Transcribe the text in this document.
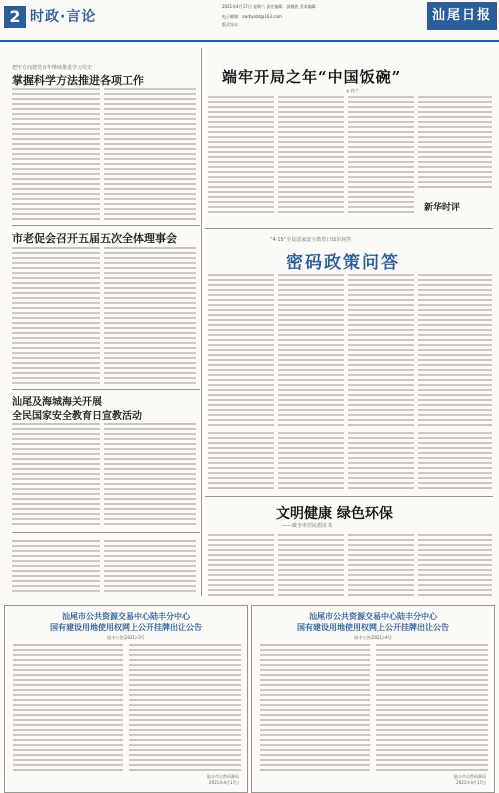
2 时政·言论
2021年4月17日 星期六 责任编辑：邱德波 美术编辑：
电子邮箱：swrbyxbt@163.com
版式设计：
汕尾日报
把牢方向建党百年继续推进学习党史
掌握科学方法推进各项工作
市老促会召开五届五次全体理事会
汕尾及海城海关开展
全民国家安全教育日宣教活动
端牢开局之年“中国饭碗”
◎ 孙兰
新华时评
“4·15”全民国家安全教育日知识问答
密码政策问答
文明健康 绿色环保
——致全市居民倡议书
汕尾市公共资源交易中心陆丰分中心
国有建设用地使用权网上公开挂牌出让公告
陆丰公告(2021)-3号
陆丰市自然资源局
2021年4月17日
汕尾市公共资源交易中心陆丰分中心
国有建设用地使用权网上公开挂牌出让公告
陆丰公告(2021)-4号
陆丰市自然资源局
2021年4月17日
